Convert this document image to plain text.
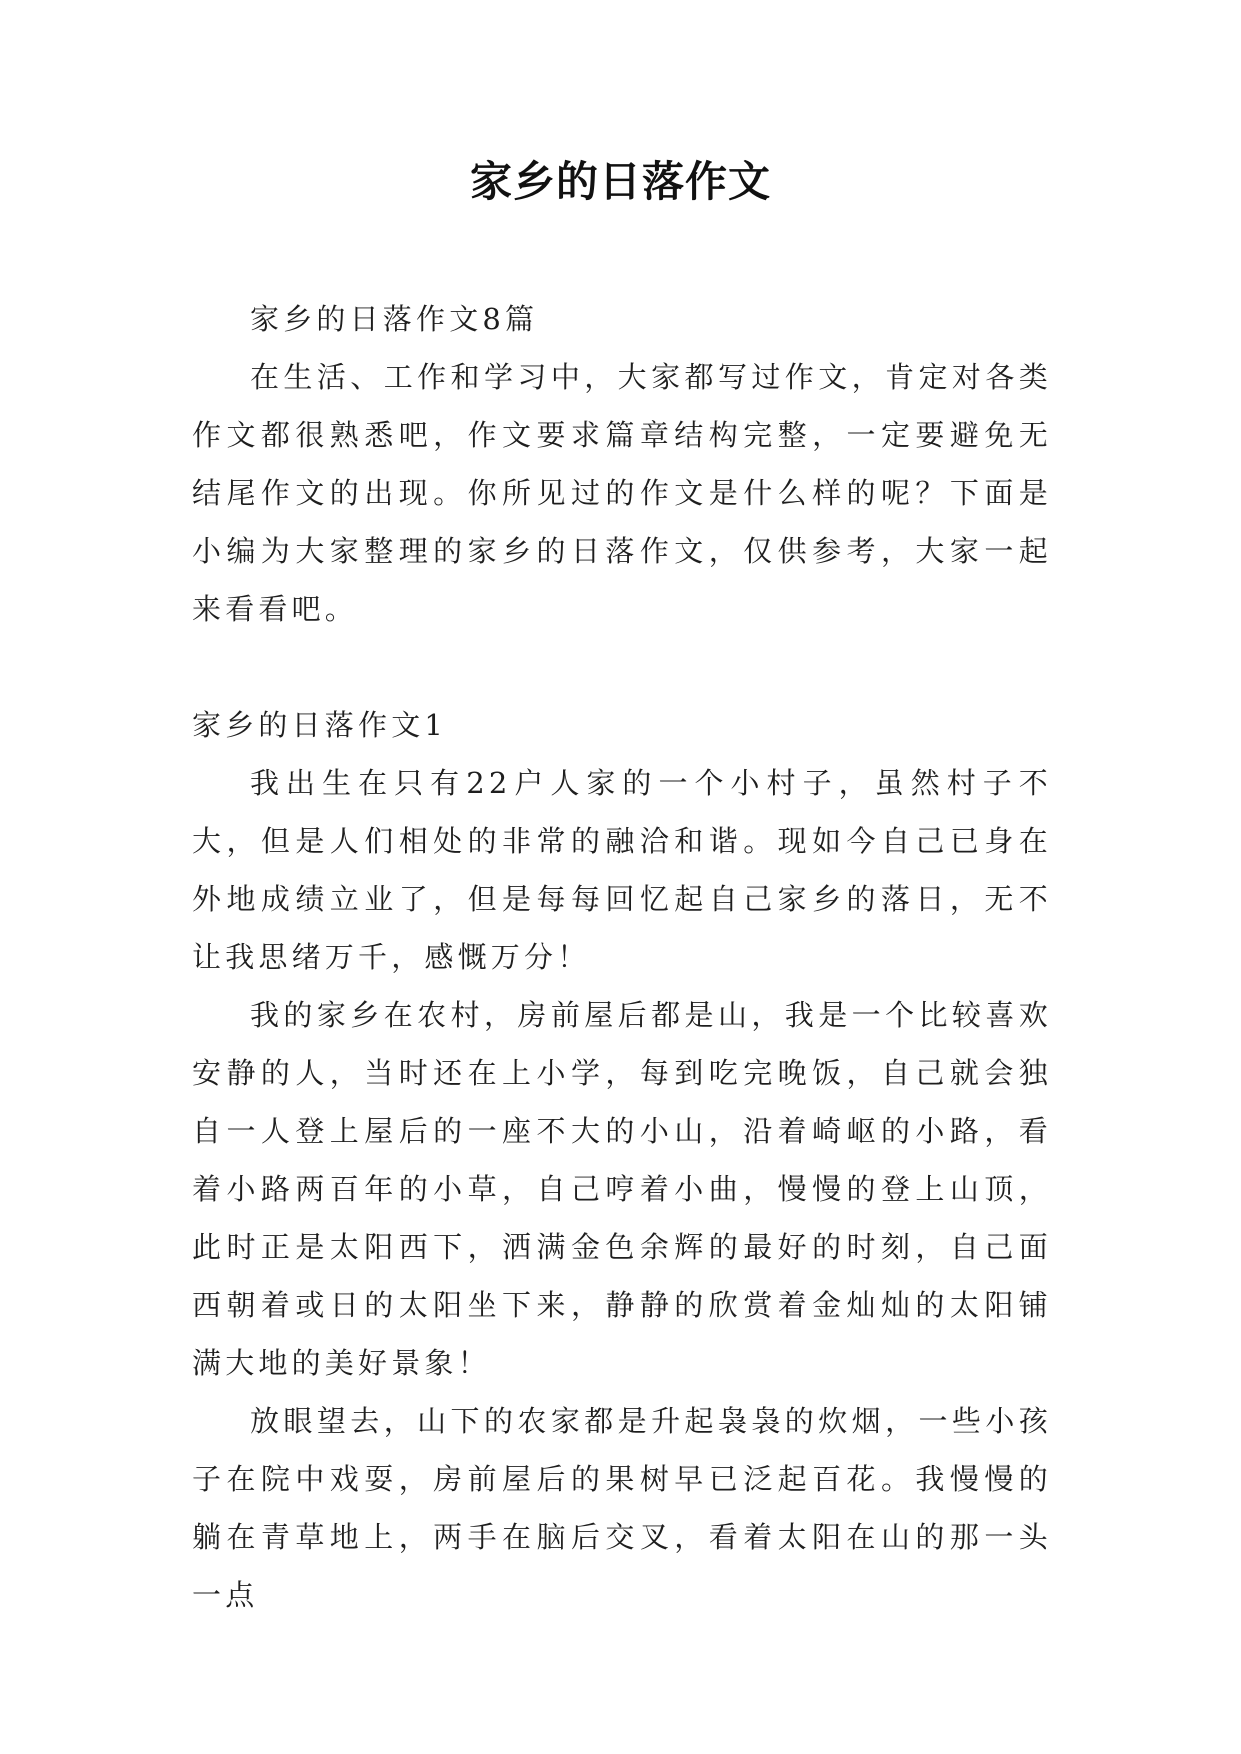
家乡的日落作文

家乡的日落作文8篇

在生活、工作和学习中，大家都写过作文，肯定对各类作文都很熟悉吧，作文要求篇章结构完整，一定要避免无结尾作文的出现。你所见过的作文是什么样的呢？下面是小编为大家整理的家乡的日落作文，仅供参考，大家一起来看看吧。

家乡的日落作文1

我出生在只有22户人家的一个小村子，虽然村子不大，但是人们相处的非常的融洽和谐。现如今自己已身在外地成绩立业了，但是每每回忆起自己家乡的落日，无不让我思绪万千，感慨万分！

我的家乡在农村，房前屋后都是山，我是一个比较喜欢安静的人，当时还在上小学，每到吃完晚饭，自己就会独自一人登上屋后的一座不大的小山，沿着崎岖的小路，看着小路两百年的小草，自己哼着小曲，慢慢的登上山顶，此时正是太阳西下，洒满金色余辉的最好的时刻，自己面西朝着或日的太阳坐下来，静静的欣赏着金灿灿的太阳铺满大地的美好景象！

放眼望去，山下的农家都是升起袅袅的炊烟，一些小孩子在院中戏耍，房前屋后的果树早已泛起百花。我慢慢的躺在青草地上，两手在脑后交叉，看着太阳在山的那一头一点
